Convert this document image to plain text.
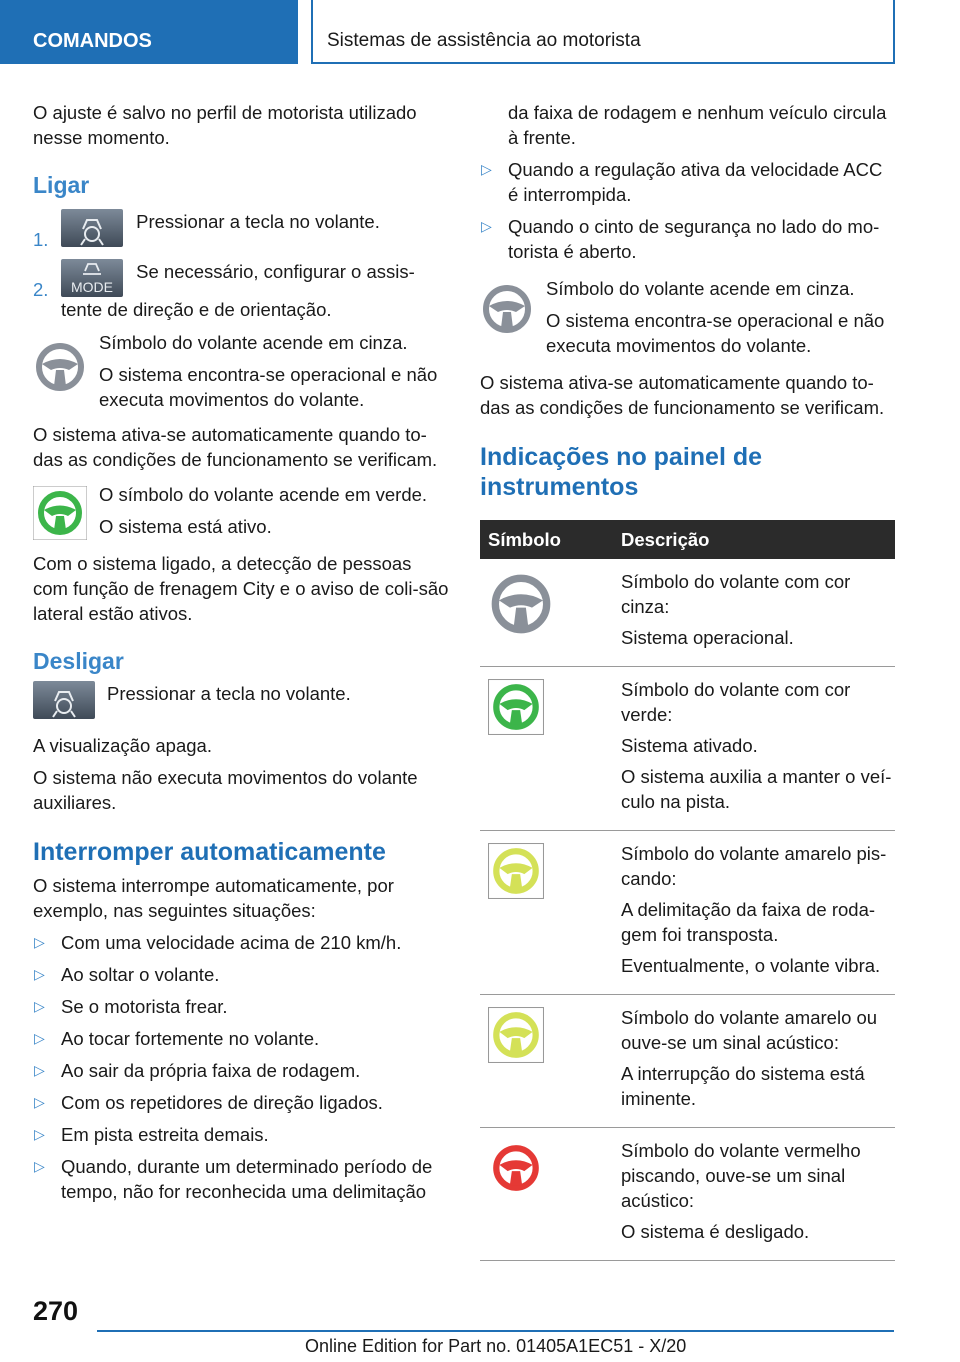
COMANDOS	Sistemas de assistência ao motorista

O ajuste é salvo no perfil de motorista utilizado nesse momento.

Ligar
1.
Pressionar a tecla no volante.
2.	MODE
Se necessário, configurar o assis-tente de direção e de orientação.

Símbolo do volante acende em cinza.

O sistema encontra-se operacional e não executa movimentos do volante.

O sistema ativa-se automaticamente quando to-das as condições de funcionamento se verificam.

O símbolo do volante acende em verde.

O sistema está ativo.

Com o sistema ligado, a detecção de pessoas com função de frenagem City e o aviso de coli-são lateral estão ativos.

Desligar

Pressionar a tecla no volante.

A visualização apaga.

O sistema não executa movimentos do volante auxiliares.

Interromper automaticamente

O sistema interrompe automaticamente, por exemplo, nas seguintes situações:

▷ Com uma velocidade acima de 210 km/h.
▷ Ao soltar o volante.
▷ Se o motorista frear.
▷ Ao tocar fortemente no volante.
▷ Ao sair da própria faixa de rodagem.
▷ Com os repetidores de direção ligados.
▷ Em pista estreita demais.
▷ Quando, durante um determinado período de tempo, não for reconhecida uma delimitação

da faixa de rodagem e nenhum veículo circula à frente.

▷ Quando a regulação ativa da velocidade ACC é interrompida.
▷ Quando o cinto de segurança no lado do mo-torista é aberto.

Símbolo do volante acende em cinza.

O sistema encontra-se operacional e não executa movimentos do volante.

O sistema ativa-se automaticamente quando to-das as condições de funcionamento se verificam.

Indicações no painel de instrumentos
Símbolo	Descrição

Símbolo do volante com cor cinza:

Sistema operacional.

Símbolo do volante com cor verde:

Sistema ativado.

O sistema auxilia a manter o veí-culo na pista.

Símbolo do volante amarelo pis-cando:

A delimitação da faixa de roda-gem foi transposta.

Eventualmente, o volante vibra.

Símbolo do volante amarelo ou ouve-se um sinal acústico:

A interrupção do sistema está iminente.

Símbolo do volante vermelho piscando, ouve-se um sinal acústico:

O sistema é desligado.

270
Online Edition for Part no. 01405A1EC51 - X/20
